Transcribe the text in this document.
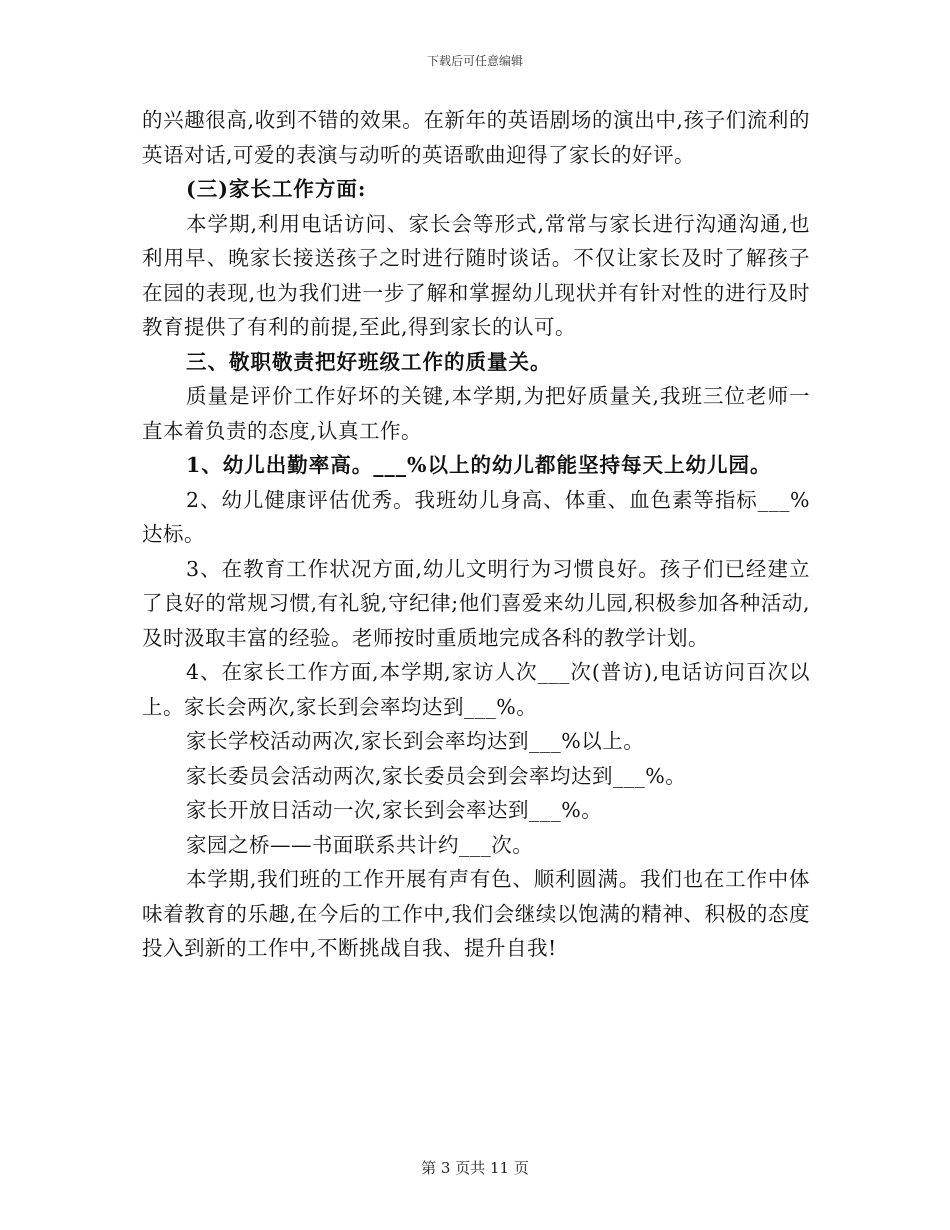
下载后可任意编辑

的兴趣很高,收到不错的效果。在新年的英语剧场的演出中,孩子们流利的英语对话,可爱的表演与动听的英语歌曲迎得了家长的好评。

(三)家长工作方面:

本学期,利用电话访问、家长会等形式,常常与家长进行沟通沟通,也利用早、晚家长接送孩子之时进行随时谈话。不仅让家长及时了解孩子在园的表现,也为我们进一步了解和掌握幼儿现状并有针对性的进行及时教育提供了有利的前提,至此,得到家长的认可。

三、敬职敬责把好班级工作的质量关。

质量是评价工作好坏的关键,本学期,为把好质量关,我班三位老师一直本着负责的态度,认真工作。

1、幼儿出勤率高。___%以上的幼儿都能坚持每天上幼儿园。

2、幼儿健康评估优秀。我班幼儿身高、体重、血色素等指标___%达标。

3、在教育工作状况方面,幼儿文明行为习惯良好。孩子们已经建立了良好的常规习惯,有礼貌,守纪律;他们喜爱来幼儿园,积极参加各种活动,及时汲取丰富的经验。老师按时重质地完成各科的教学计划。

4、在家长工作方面,本学期,家访人次___次(普访),电话访问百次以上。家长会两次,家长到会率均达到___%。

家长学校活动两次,家长到会率均达到___%以上。

家长委员会活动两次,家长委员会到会率均达到___%。

家长开放日活动一次,家长到会率达到___%。

家园之桥——书面联系共计约___次。

本学期,我们班的工作开展有声有色、顺利圆满。我们也在工作中体味着教育的乐趣,在今后的工作中,我们会继续以饱满的精神、积极的态度投入到新的工作中,不断挑战自我、提升自我!

第 3 页共 11 页
